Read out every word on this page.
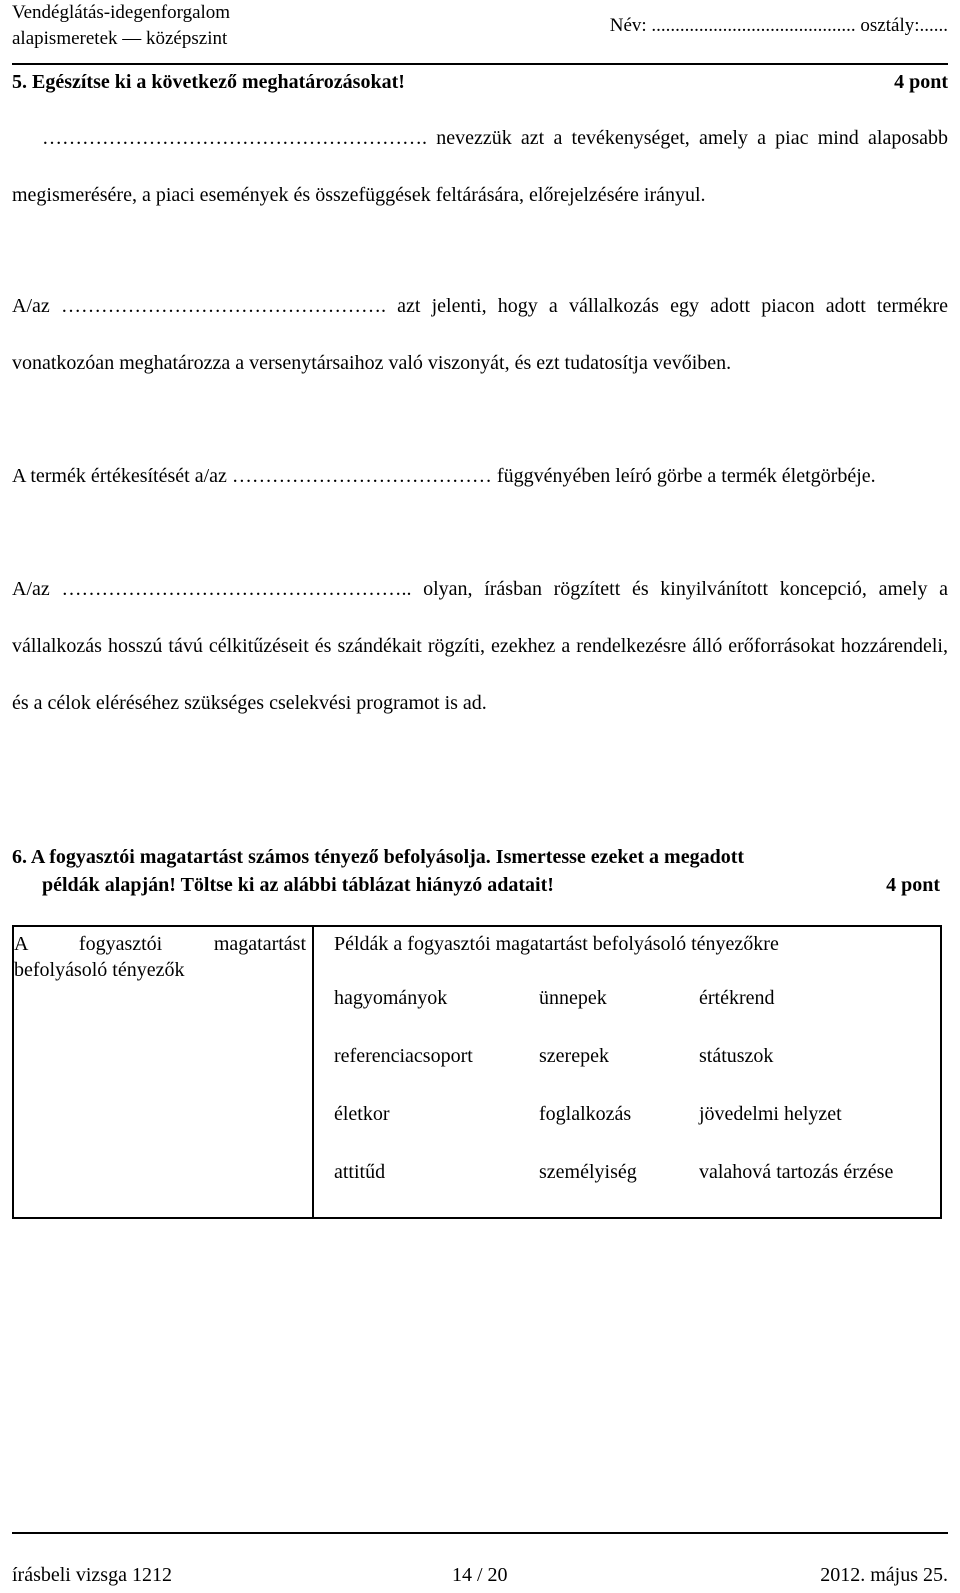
Vendéglátás-idegenforgalom
alapismeretek — középszint
Név: ........................................... osztály:......
5. Egészítse ki a következő meghatározásokat!	4 pont
…………………………………………………. nevezzük azt a tevékenységet, amely a piac mind alaposabb megismerésére, a piaci események és összefüggések feltárására, előrejelzésére irányul.
A/az …………………………………………. azt jelenti, hogy a vállalkozás egy adott piacon adott termékre vonatkozóan meghatározza a versenytársaihoz való viszonyát, és ezt tudatosítja vevőiben.
A termék értékesítését a/az ………………………………… függvényében leíró görbe a termék életgörbéje.
A/az …………………………………………….. olyan, írásban rögzített és kinyilvánított koncepció, amely a vállalkozás hosszú távú célkitűzéseit és szándékait rögzíti, ezekhez a rendelkezésre álló erőforrásokat hozzárendeli, és a célok eléréséhez szükséges cselekvési programot is ad.
6. A fogyasztói magatartást számos tényező befolyásolja. Ismertesse ezeket a megadott
példák alapján! Töltse ki az alábbi táblázat hiányzó adatait!	4 pont
A fogyasztói magatartást befolyásoló tényezők	
Példák a fogyasztói magatartást befolyásoló tényezőkre
hagyományok	ünnepek	értékrend
referenciacsoport	szerepek	státuszok
életkor	foglalkozás	jövedelmi helyzet
attitűd	személyiség	valahová tartozás érzése
írásbeli vizsga 1212	14 / 20	2012. május 25.
